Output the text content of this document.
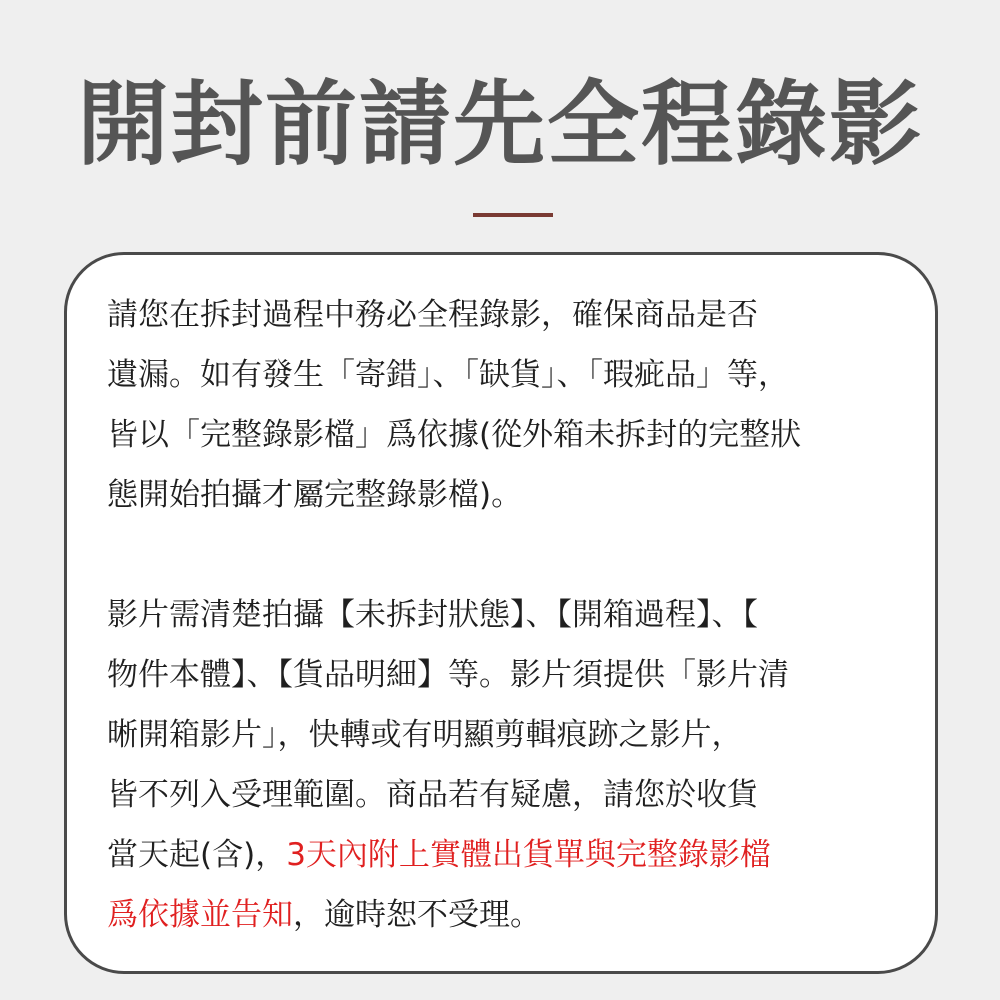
開封前請先全程錄影
請您在拆封過程中務必全程錄影，確保商品是否
遺漏。如有發生「寄錯」、「缺貨」、「瑕疵品」等，
皆以「完整錄影檔」爲依據(從外箱未拆封的完整狀
態開始拍攝才屬完整錄影檔)。
影片需清楚拍攝【未拆封狀態】、【開箱過程】、【
物件本體】、【貨品明細】等。影片須提供「影片清
晰開箱影片」，快轉或有明顯剪輯痕跡之影片，
皆不列入受理範圍。商品若有疑慮，請您於收貨
當天起(含)，3天內附上實體出貨單與完整錄影檔
爲依據並告知，逾時恕不受理。
